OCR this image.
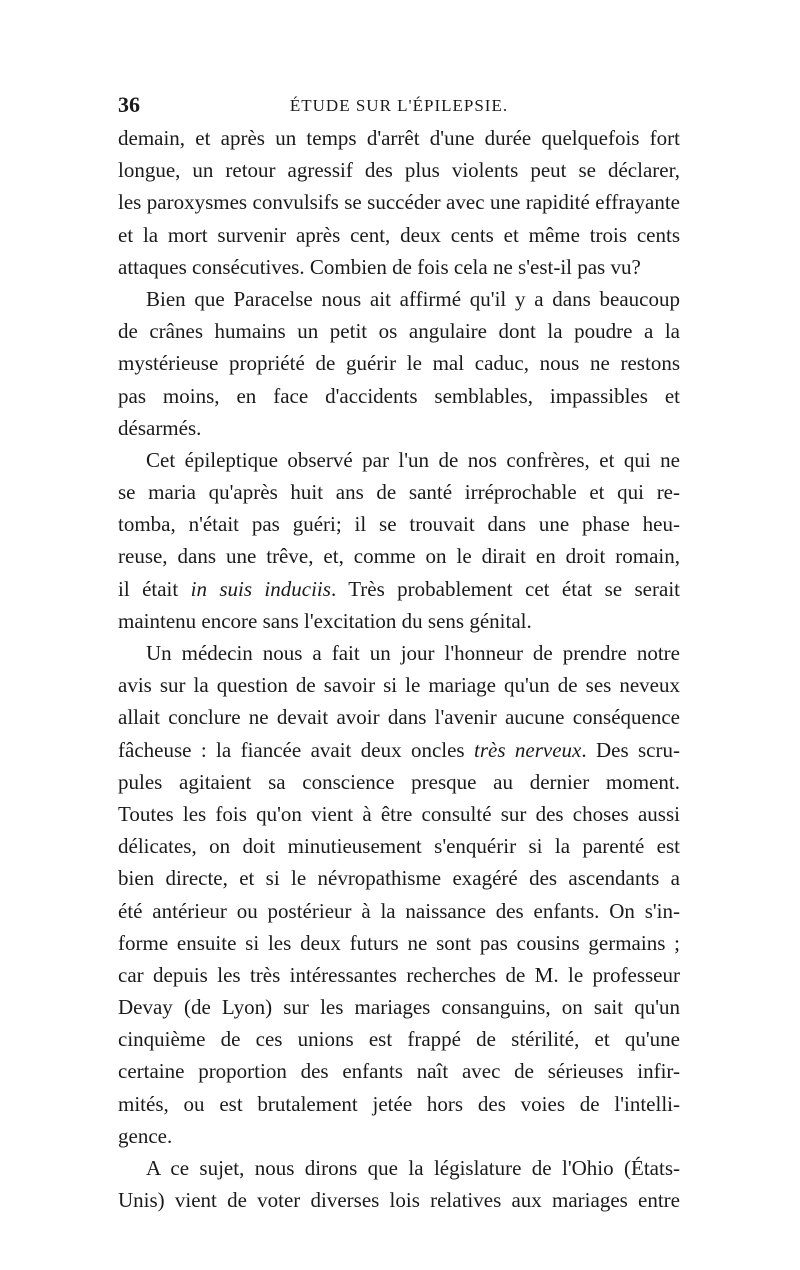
36	ÉTUDE SUR L'ÉPILEPSIE.
demain, et après un temps d'arrêt d'une durée quelquefois fort
longue, un retour agressif des plus violents peut se déclarer,
les paroxysmes convulsifs se succéder avec une rapidité effrayante
et la mort survenir après cent, deux cents et même trois cents
attaques consécutives. Combien de fois cela ne s'est-il pas vu?
Bien que Paracelse nous ait affirmé qu'il y a dans beaucoup
de crânes humains un petit os angulaire dont la poudre a la
mystérieuse propriété de guérir le mal caduc, nous ne restons
pas moins, en face d'accidents semblables, impassibles et
désarmés.
Cet épileptique observé par l'un de nos confrères, et qui ne
se maria qu'après huit ans de santé irréprochable et qui re-
tomba, n'était pas guéri; il se trouvait dans une phase heu-
reuse, dans une trêve, et, comme on le dirait en droit romain,
il était in suis induciis. Très probablement cet état se serait
maintenu encore sans l'excitation du sens génital.
Un médecin nous a fait un jour l'honneur de prendre notre
avis sur la question de savoir si le mariage qu'un de ses neveux
allait conclure ne devait avoir dans l'avenir aucune conséquence
fâcheuse : la fiancée avait deux oncles très nerveux. Des scru-
pules agitaient sa conscience presque au dernier moment.
Toutes les fois qu'on vient à être consulté sur des choses aussi
délicates, on doit minutieusement s'enquérir si la parenté est
bien directe, et si le névropathisme exagéré des ascendants a
été antérieur ou postérieur à la naissance des enfants. On s'in-
forme ensuite si les deux futurs ne sont pas cousins germains ;
car depuis les très intéressantes recherches de M. le professeur
Devay (de Lyon) sur les mariages consanguins, on sait qu'un
cinquième de ces unions est frappé de stérilité, et qu'une
certaine proportion des enfants naît avec de sérieuses infir-
mités, ou est brutalement jetée hors des voies de l'intelli-
gence.
A ce sujet, nous dirons que la législature de l'Ohio (États-
Unis) vient de voter diverses lois relatives aux mariages entre
